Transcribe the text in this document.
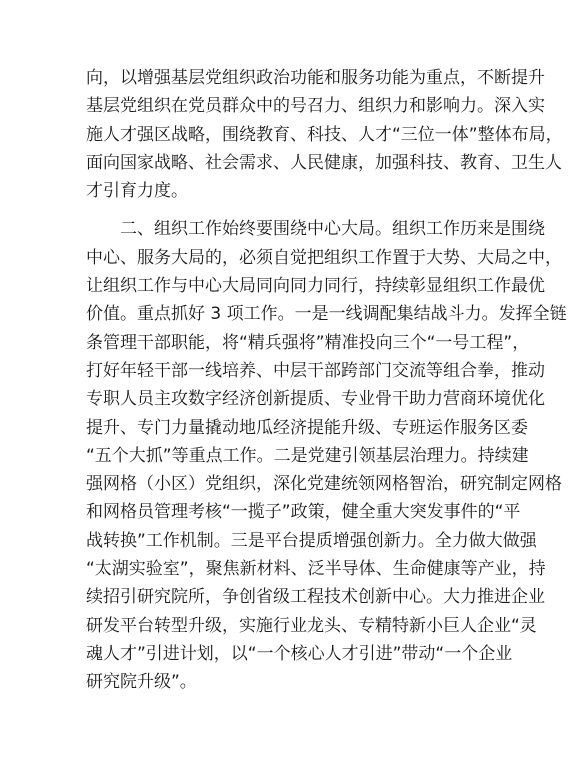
向，以增强基层党组织政治功能和服务功能为重点，不断提升
基层党组织在党员群众中的号召力、组织力和影响力。深入实
施人才强区战略，围绕教育、科技、人才“三位一体”整体布局，
面向国家战略、社会需求、人民健康，加强科技、教育、卫生人
才引育力度。
　　二、组织工作始终要围绕中心大局。组织工作历来是围绕
中心、服务大局的，必须自觉把组织工作置于大势、大局之中，
让组织工作与中心大局同向同力同行，持续彰显组织工作最优
价值。重点抓好 3 项工作。一是一线调配集结战斗力。发挥全链
条管理干部职能，将“精兵强将”精准投向三个“一号工程”，
打好年轻干部一线培养、中层干部跨部门交流等组合拳，推动
专职人员主攻数字经济创新提质、专业骨干助力营商环境优化
提升、专门力量撬动地瓜经济提能升级、专班运作服务区委
“五个大抓”等重点工作。二是党建引领基层治理力。持续建
强网格（小区）党组织，深化党建统领网格智治，研究制定网格
和网格员管理考核“一揽子”政策，健全重大突发事件的“平
战转换”工作机制。三是平台提质增强创新力。全力做大做强
“太湖实验室”，聚焦新材料、泛半导体、生命健康等产业，持
续招引研究院所，争创省级工程技术创新中心。大力推进企业
研发平台转型升级，实施行业龙头、专精特新小巨人企业“灵
魂人才”引进计划，以“一个核心人才引进”带动“一个企业
研究院升级”。
